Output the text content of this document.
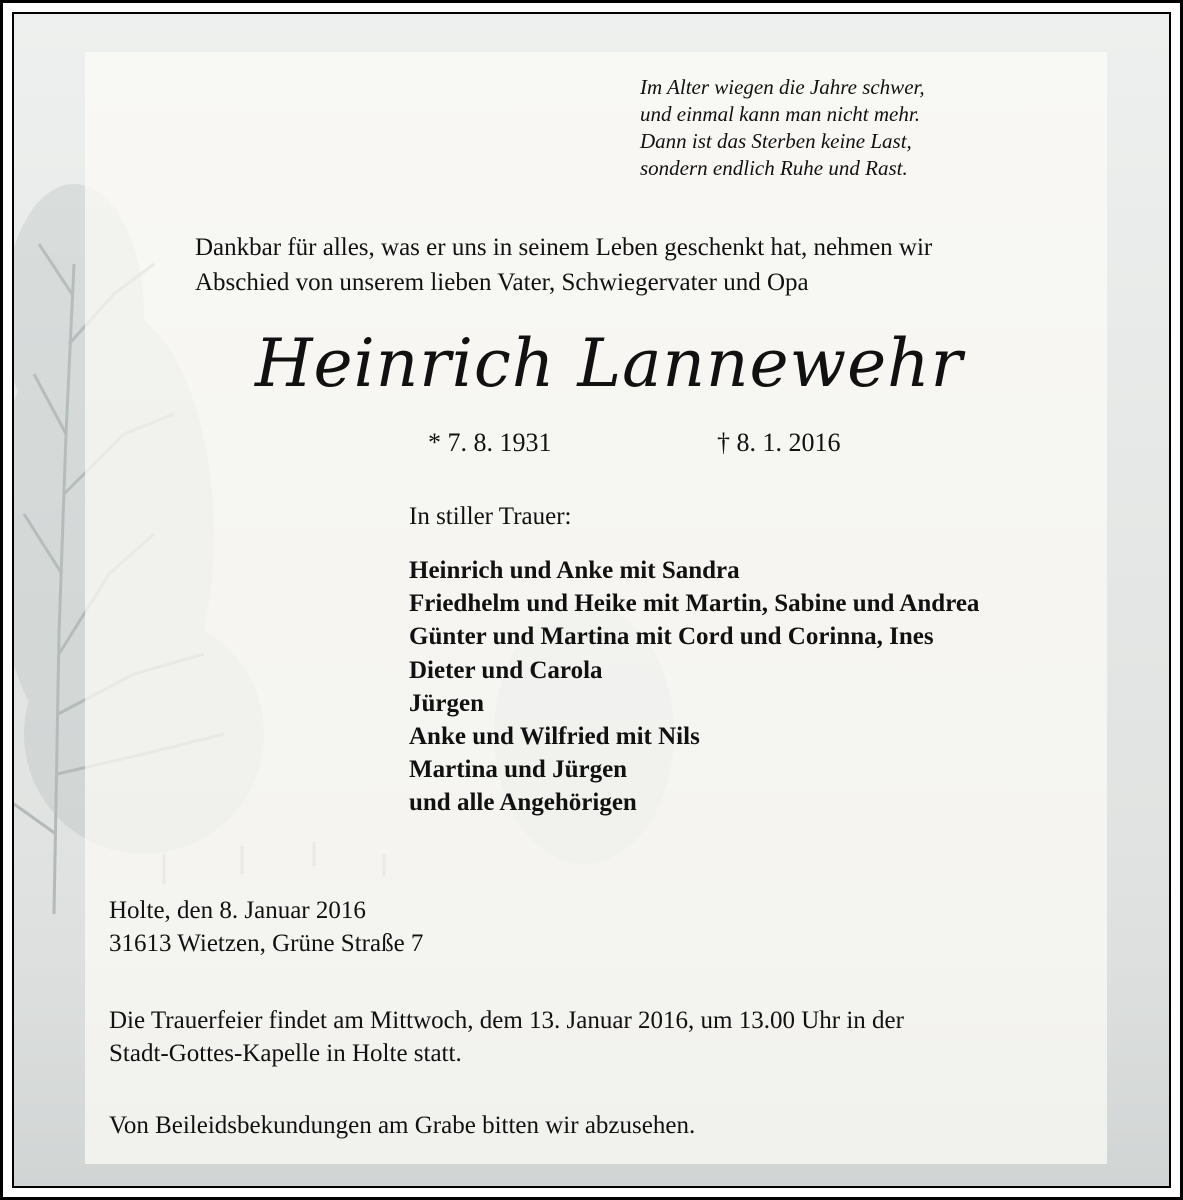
Im Alter wiegen die Jahre schwer,
und einmal kann man nicht mehr.
Dann ist das Sterben keine Last,
sondern endlich Ruhe und Rast.
Dankbar für alles, was er uns in seinem Leben geschenkt hat, nehmen wir
Abschied von unserem lieben Vater, Schwiegervater und Opa
Heinrich Lannewehr
* 7. 8. 1931	† 8. 1. 2016
In stiller Trauer:
Heinrich und Anke mit Sandra
Friedhelm und Heike mit Martin, Sabine und Andrea
Günter und Martina mit Cord und Corinna, Ines
Dieter und Carola
Jürgen
Anke und Wilfried mit Nils
Martina und Jürgen
und alle Angehörigen
Holte, den 8. Januar 2016
31613 Wietzen, Grüne Straße 7
Die Trauerfeier findet am Mittwoch, dem 13. Januar 2016, um 13.00 Uhr in der
Stadt-Gottes-Kapelle in Holte statt.
Von Beileidsbekundungen am Grabe bitten wir abzusehen.
